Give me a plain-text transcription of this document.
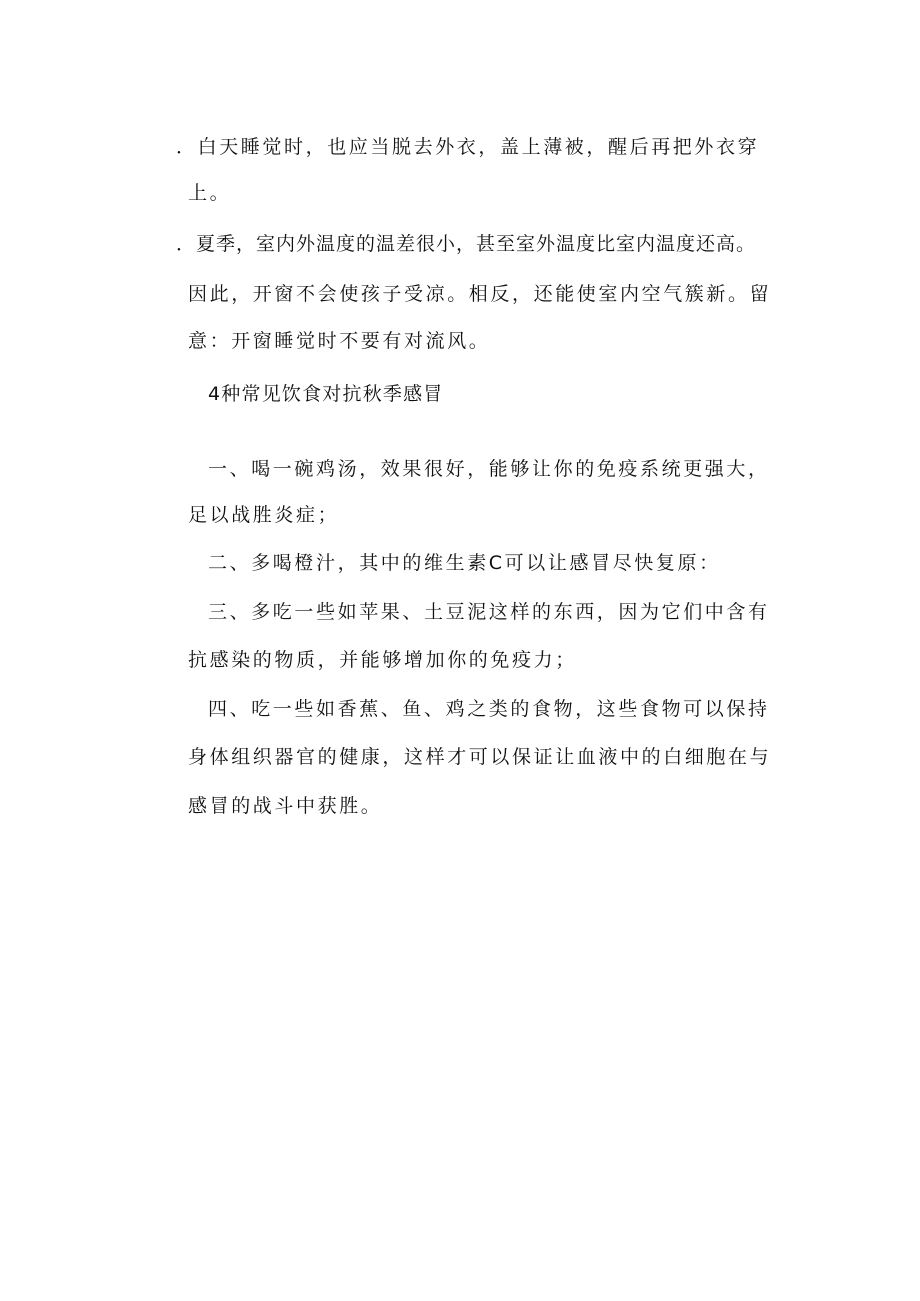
．白天睡觉时，也应当脱去外衣，盖上薄被，醒后再把外衣穿
上。
．夏季，室内外温度的温差很小，甚至室外温度比室内温度还高。
因此，开窗不会使孩子受凉。相反，还能使室内空气簇新。留
意：开窗睡觉时不要有对流风。
4种常见饮食对抗秋季感冒
一、喝一碗鸡汤，效果很好，能够让你的免疫系统更强大，
足以战胜炎症；
二、多喝橙汁，其中的维生素C可以让感冒尽快复原：
三、多吃一些如苹果、土豆泥这样的东西，因为它们中含有
抗感染的物质，并能够增加你的免疫力；
四、吃一些如香蕉、鱼、鸡之类的食物，这些食物可以保持
身体组织器官的健康，这样才可以保证让血液中的白细胞在与
感冒的战斗中获胜。
